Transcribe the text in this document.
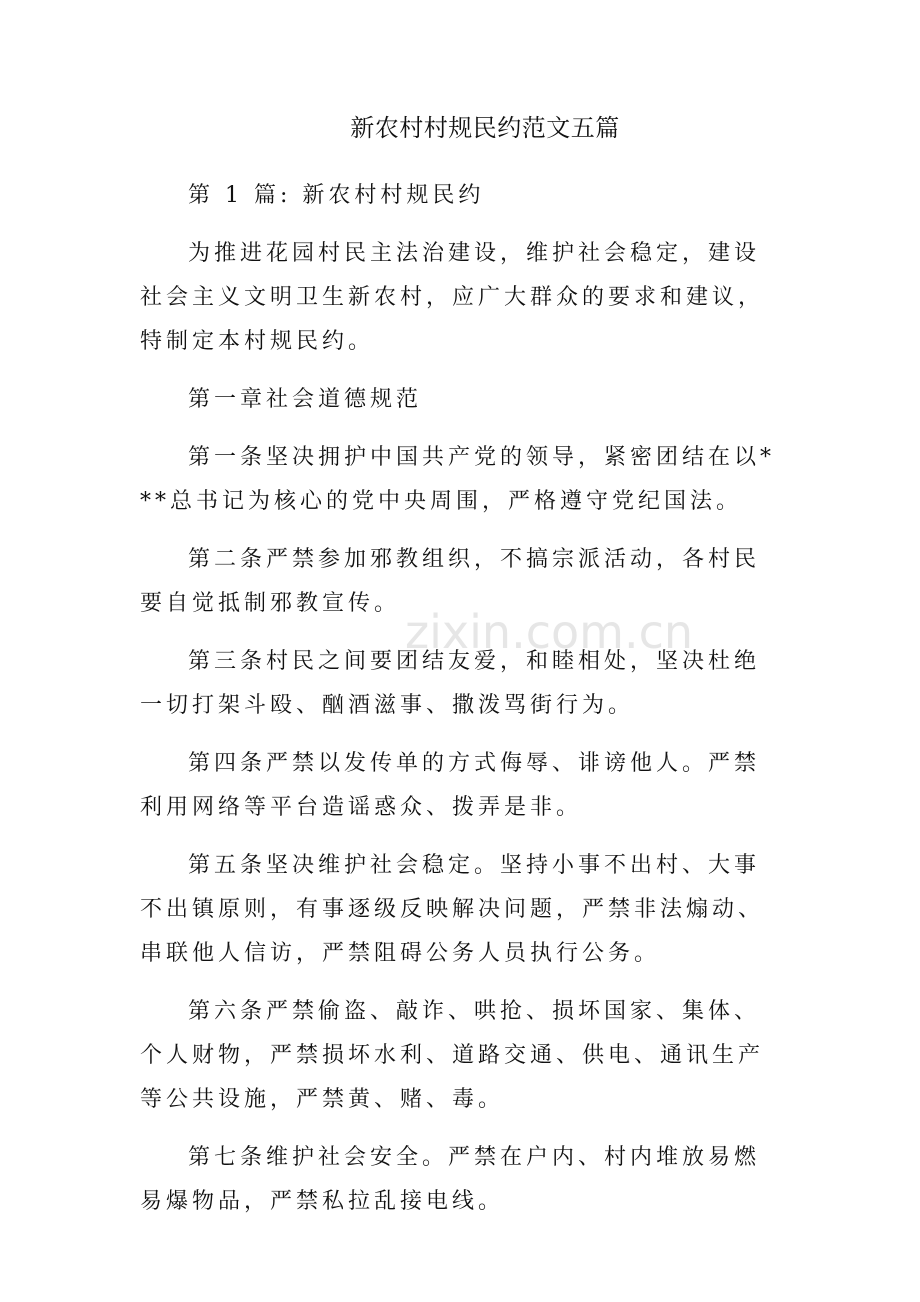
新农村村规民约范文五篇

第 1 篇: 新农村村规民约

为推进花园村民主法治建设，维护社会稳定，建设社会主义文明卫生新农村，应广大群众的要求和建议，特制定本村规民约。

第一章社会道德规范

第一条坚决拥护中国共产党的领导，紧密团结在以***总书记为核心的党中央周围，严格遵守党纪国法。

第二条严禁参加邪教组织，不搞宗派活动，各村民要自觉抵制邪教宣传。

第三条村民之间要团结友爱，和睦相处，坚决杜绝一切打架斗殴、酗酒滋事、撒泼骂街行为。

第四条严禁以发传单的方式侮辱、诽谤他人。严禁利用网络等平台造谣惑众、拨弄是非。

第五条坚决维护社会稳定。坚持小事不出村、大事不出镇原则，有事逐级反映解决问题，严禁非法煽动、串联他人信访，严禁阻碍公务人员执行公务。

第六条严禁偷盗、敲诈、哄抢、损坏国家、集体、个人财物，严禁损坏水利、道路交通、供电、通讯生产等公共设施，严禁黄、赌、毒。

第七条维护社会安全。严禁在户内、村内堆放易燃易爆物品，严禁私拉乱接电线。

zixin.com.cn
